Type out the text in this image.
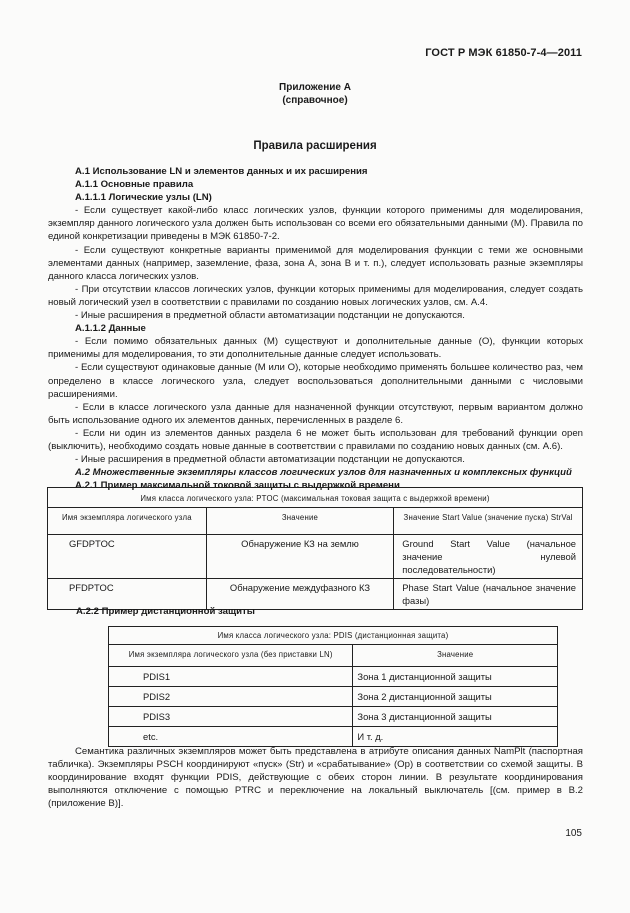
ГОСТ Р МЭК 61850-7-4—2011
Приложение А
(справочное)
Правила расширения

А.1 Использование LN и элементов данных и их расширения

А.1.1 Основные правила

А.1.1.1 Логические узлы (LN)

- Если существует какой-либо класс логических узлов, функции которого применимы для моделирования, экземпляр данного логического узла должен быть использован со всеми его обязательными данными (М). Правила по единой конкретизации приведены в МЭК 61850-7-2.

- Если существуют конкретные варианты применимой для моделирования функции с теми же основными элементами данных (например, заземление, фаза, зона А, зона В и т. п.), следует использовать разные экземпляры данного класса логических узлов.

- При отсутствии классов логических узлов, функции которых применимы для моделирования, следует создать новый логический узел в соответствии с правилами по созданию новых логических узлов, см. А.4.

- Иные расширения в предметной области автоматизации подстанции не допускаются.

А.1.1.2 Данные

- Если помимо обязательных данных (М) существуют и дополнительные данные (О), функции которых применимы для моделирования, то эти дополнительные данные следует использовать.

- Если существуют одинаковые данные (М или О), которые необходимо применять большее количество раз, чем определено в классе логического узла, следует воспользоваться дополнительными данными с числовыми расширениями.

- Если в классе логического узла данные для назначенной функции отсутствуют, первым вариантом должно быть использование одного их элементов данных, перечисленных в разделе 6.

- Если ни один из элементов данных раздела 6 не может быть использован для требований функции open (выключить), необходимо создать новые данные в соответствии с правилами по созданию новых данных (см. А.6).

- Иные расширения в предметной области автоматизации подстанции не допускаются.

А.2 Множественные экземпляры классов логических узлов для назначенных и комплексных функций

А.2.1 Пример максимальной токовой защиты с выдержкой времени

Имя класса логического узла: PTOC (максимальная токовая защита с выдержкой времени)		
Имя экземпляра логического узла	Значение	Значение Start Value (значение пуска) StrVal
GFDPTOC	Обнаружение КЗ на землю	Ground Start Value (начальное значение нулевой последовательности)
PFDPTOC	Обнаружение междуфазного КЗ	Phase Start Value (начальное значение фазы)
А.2.2 Пример дистанционной защиты
Имя класса логического узла: PDIS (дистанционная защита)	
Имя экземпляра логического узла (без приставки LN)	Значение
PDIS1	Зона 1 дистанционной защиты
PDIS2	Зона 2 дистанционной защиты
PDIS3	Зона 3 дистанционной защиты
etc.	И т. д.

Семантика различных экземпляров может быть представлена в атрибуте описания данных NamPlt (паспортная табличка). Экземпляры PSCH координируют «пуск» (Str) и «срабатывание» (Op) в соответствии со схемой защиты. В координирование входят функции PDIS, действующие с обеих сторон линии. В результате координирования выполняются отключение с помощью PTRC и переключение на локальный выключатель [(см. пример в В.2 (приложение В)].

105
